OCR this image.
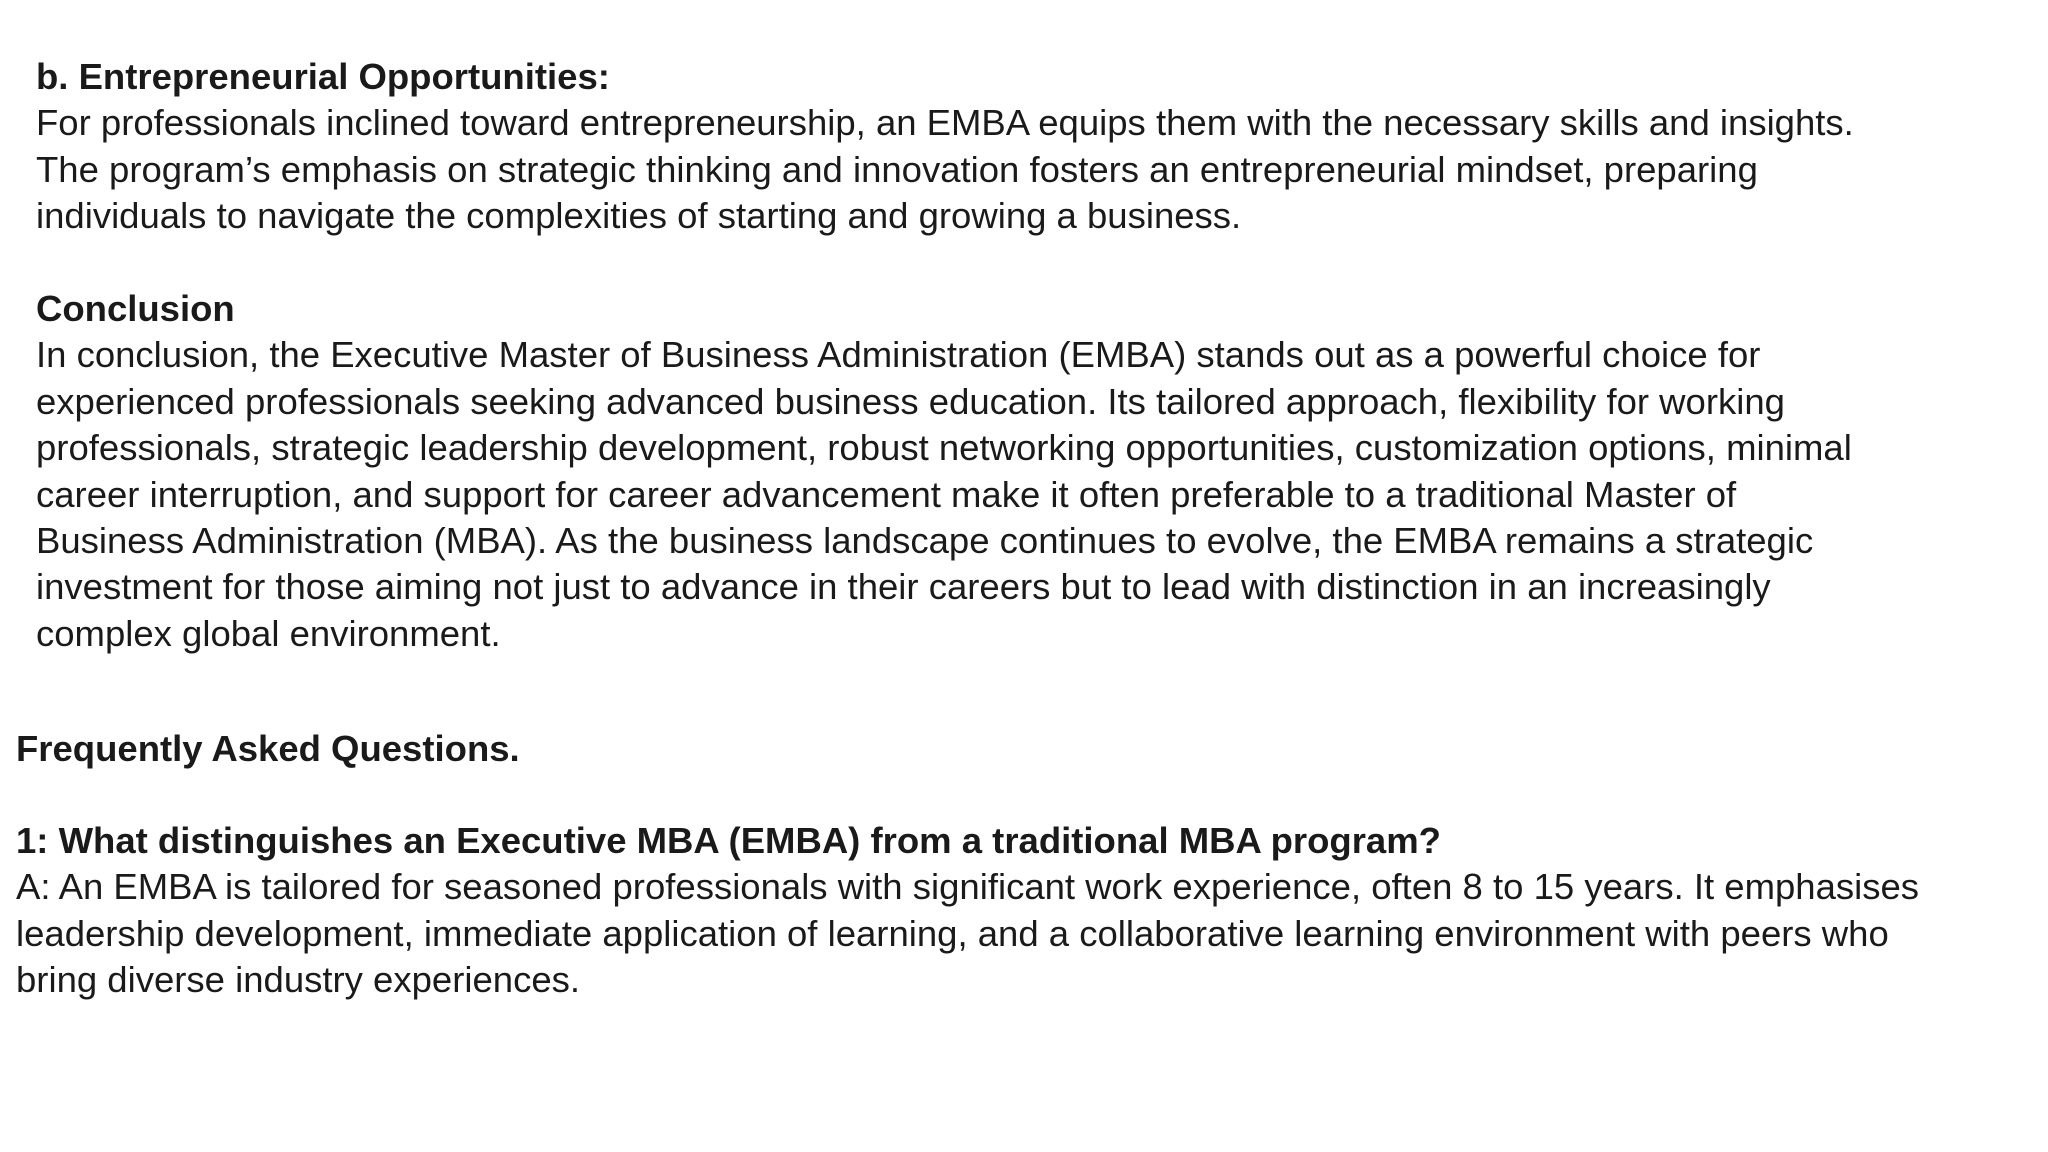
b. Entrepreneurial Opportunities:
For professionals inclined toward entrepreneurship, an EMBA equips them with the necessary skills and insights.
The program’s emphasis on strategic thinking and innovation fosters an entrepreneurial mindset, preparing
individuals to navigate the complexities of starting and growing a business.
Conclusion
In conclusion, the Executive Master of Business Administration (EMBA) stands out as a powerful choice for
experienced professionals seeking advanced business education. Its tailored approach, flexibility for working
professionals, strategic leadership development, robust networking opportunities, customization options, minimal
career interruption, and support for career advancement make it often preferable to a traditional Master of
Business Administration (MBA). As the business landscape continues to evolve, the EMBA remains a strategic
investment for those aiming not just to advance in their careers but to lead with distinction in an increasingly
complex global environment.
Frequently Asked Questions.
1: What distinguishes an Executive MBA (EMBA) from a traditional MBA program?
A: An EMBA is tailored for seasoned professionals with significant work experience, often 8 to 15 years. It emphasises
leadership development, immediate application of learning, and a collaborative learning environment with peers who
bring diverse industry experiences.
